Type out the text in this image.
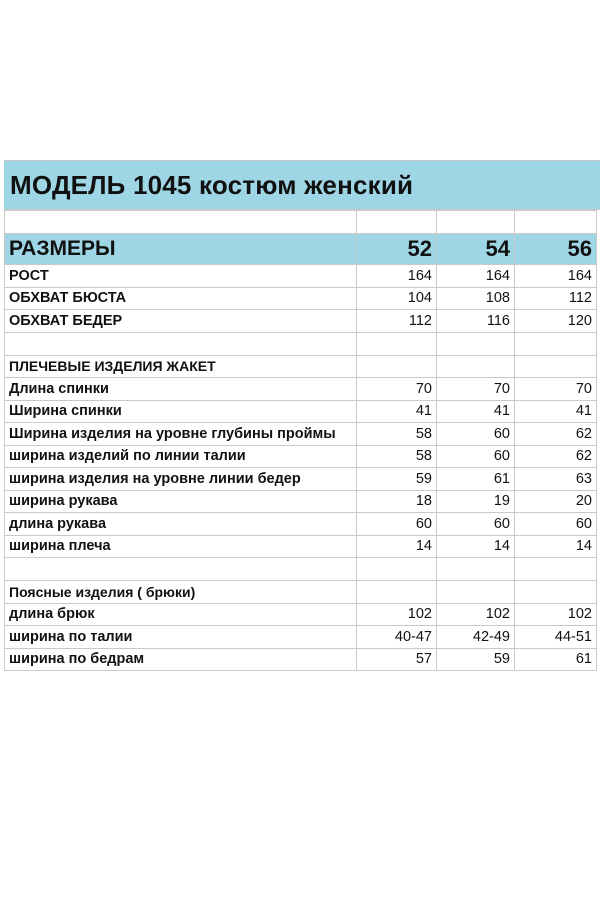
МОДЕЛЬ 1045 костюм женский

РАЗМЕРЫ	52	54	56
РОСТ	164	164	164
ОБХВАТ БЮСТА	104	108	112
ОБХВАТ БЕДЕР	112	116	120

ПЛЕЧЕВЫЕ ИЗДЕЛИЯ ЖАКЕТ			
Длина спинки	70	70	70
Ширина спинки	41	41	41
Ширина изделия на уровне глубины проймы	58	60	62
ширина изделий по линии талии	58	60	62
ширина изделия на уровне линии бедер	59	61	63
ширина рукава	18	19	20
длина рукава	60	60	60
ширина плеча	14	14	14

Поясные изделия ( брюки)			
длина брюк	102	102	102
ширина по талии	40-47	42-49	44-51
ширина по бедрам	57	59	61
